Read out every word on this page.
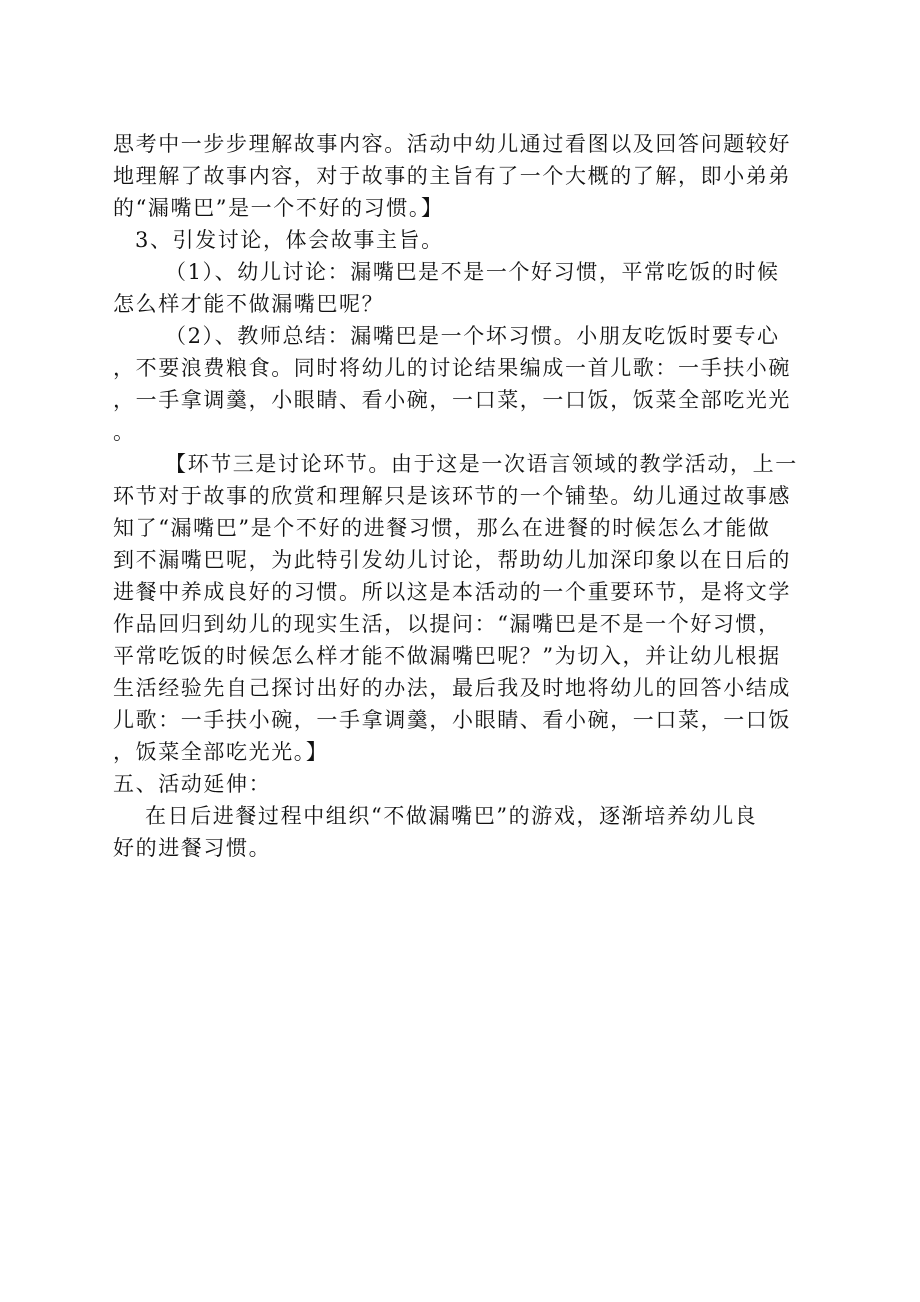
思考中一步步理解故事内容。活动中幼儿通过看图以及回答问题较好
地理解了故事内容，对于故事的主旨有了一个大概的了解，即小弟弟
的“漏嘴巴”是一个不好的习惯。】
3、引发讨论，体会故事主旨。
（1）、幼儿讨论：漏嘴巴是不是一个好习惯，平常吃饭的时候
怎么样才能不做漏嘴巴呢？
（2）、教师总结：漏嘴巴是一个坏习惯。小朋友吃饭时要专心
，不要浪费粮食。同时将幼儿的讨论结果编成一首儿歌：一手扶小碗
，一手拿调羹，小眼睛、看小碗，一口菜，一口饭，饭菜全部吃光光
。
【环节三是讨论环节。由于这是一次语言领域的教学活动，上一
环节对于故事的欣赏和理解只是该环节的一个铺垫。幼儿通过故事感
知了“漏嘴巴”是个不好的进餐习惯，那么在进餐的时候怎么才能做
到不漏嘴巴呢，为此特引发幼儿讨论，帮助幼儿加深印象以在日后的
进餐中养成良好的习惯。所以这是本活动的一个重要环节，是将文学
作品回归到幼儿的现实生活，以提问：“漏嘴巴是不是一个好习惯，
平常吃饭的时候怎么样才能不做漏嘴巴呢？”为切入，并让幼儿根据
生活经验先自己探讨出好的办法，最后我及时地将幼儿的回答小结成
儿歌：一手扶小碗，一手拿调羹，小眼睛、看小碗，一口菜，一口饭
，饭菜全部吃光光。】
五、活动延伸：
在日后进餐过程中组织“不做漏嘴巴”的游戏，逐渐培养幼儿良
好的进餐习惯。
